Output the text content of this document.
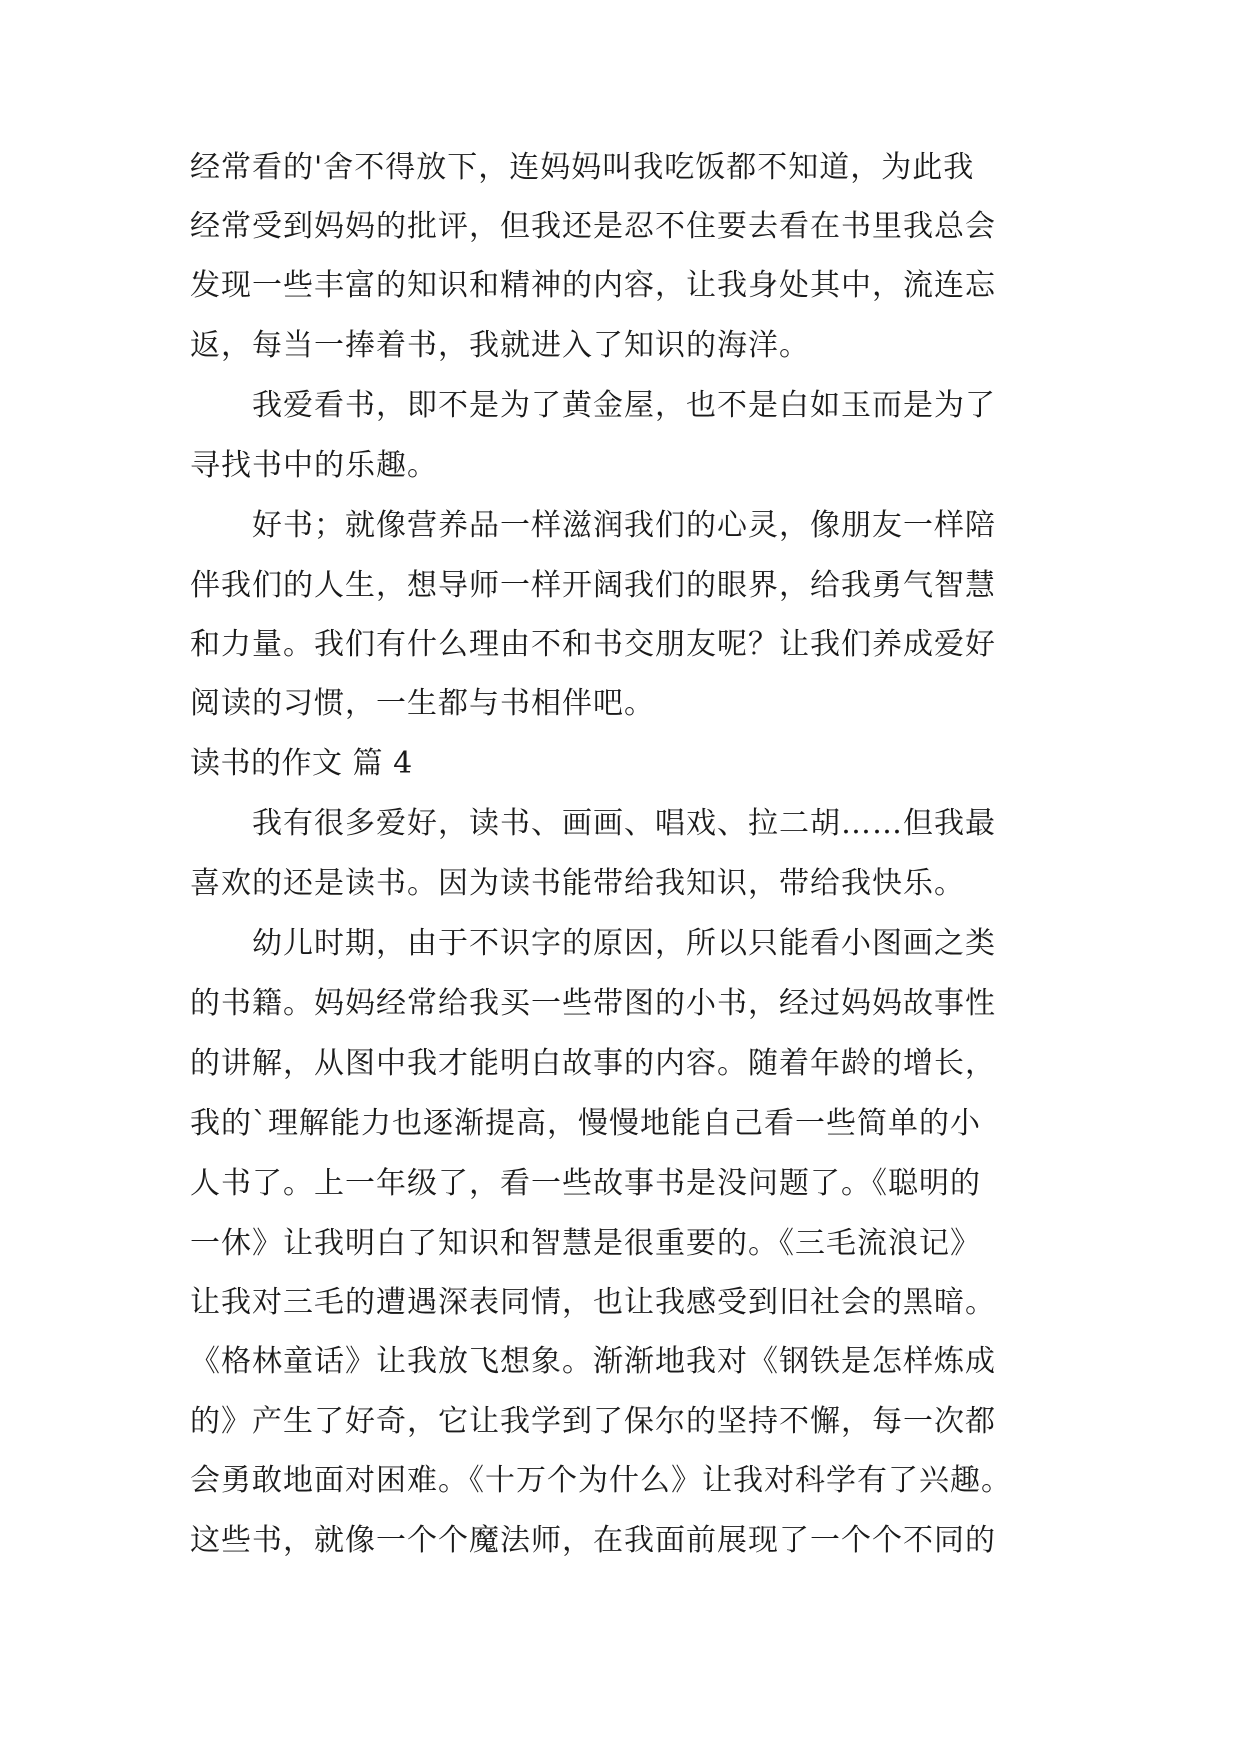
经常看的'舍不得放下，连妈妈叫我吃饭都不知道，为此我
经常受到妈妈的批评，但我还是忍不住要去看在书里我总会
发现一些丰富的知识和精神的内容，让我身处其中，流连忘
返，每当一捧着书，我就进入了知识的海洋。
　　我爱看书，即不是为了黄金屋，也不是白如玉而是为了
寻找书中的乐趣。
　　好书；就像营养品一样滋润我们的心灵，像朋友一样陪
伴我们的人生，想导师一样开阔我们的眼界，给我勇气智慧
和力量。我们有什么理由不和书交朋友呢？让我们养成爱好
阅读的习惯，一生都与书相伴吧。
读书的作文 篇 4
　　我有很多爱好，读书、画画、唱戏、拉二胡……但我最
喜欢的还是读书。因为读书能带给我知识，带给我快乐。
　　幼儿时期，由于不识字的原因，所以只能看小图画之类
的书籍。妈妈经常给我买一些带图的小书，经过妈妈故事性
的讲解，从图中我才能明白故事的内容。随着年龄的增长，
我的`理解能力也逐渐提高，慢慢地能自己看一些简单的小
人书了。上一年级了，看一些故事书是没问题了。《聪明的
一休》让我明白了知识和智慧是很重要的。《三毛流浪记》
让我对三毛的遭遇深表同情，也让我感受到旧社会的黑暗。
《格林童话》让我放飞想象。渐渐地我对《钢铁是怎样炼成
的》产生了好奇，它让我学到了保尔的坚持不懈，每一次都
会勇敢地面对困难。《十万个为什么》让我对科学有了兴趣。
这些书，就像一个个魔法师，在我面前展现了一个个不同的
